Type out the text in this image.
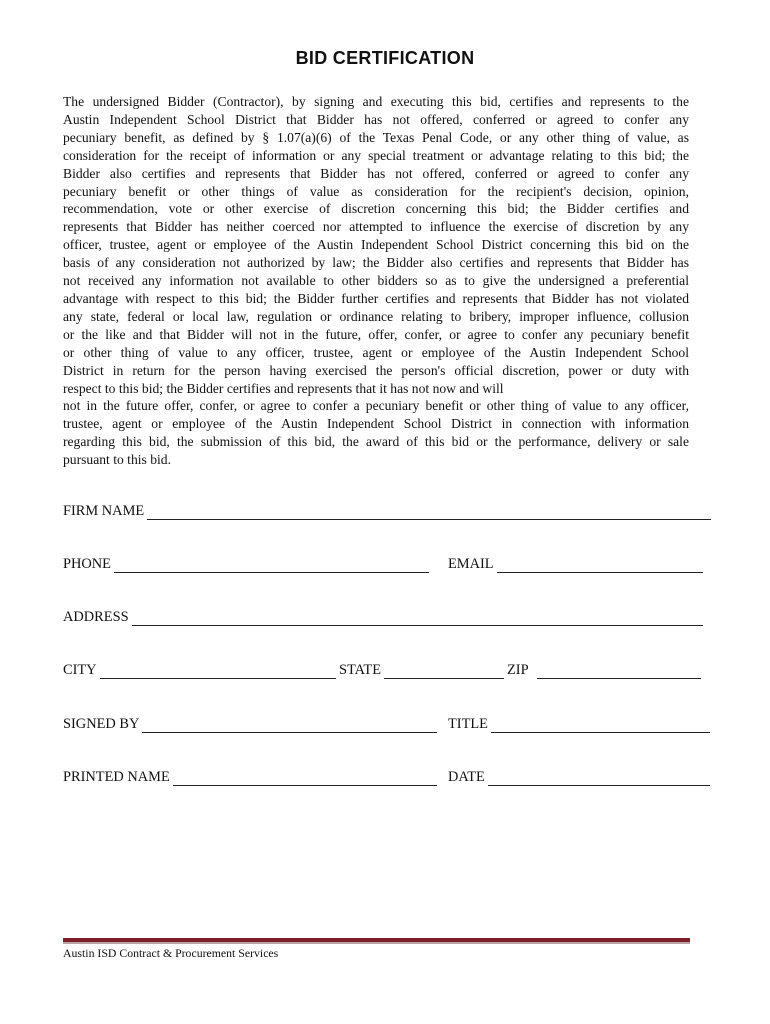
BID CERTIFICATION
The undersigned Bidder (Contractor), by signing and executing this bid, certifies and represents to the
Austin Independent School District that Bidder has not offered, conferred or agreed to confer any
pecuniary benefit, as defined by § 1.07(a)(6) of the Texas Penal Code, or any other thing of value, as
consideration for the receipt of information or any special treatment or advantage relating to this bid; the
Bidder also certifies and represents that Bidder has not offered, conferred or agreed to confer any
pecuniary benefit or other things of value as consideration for the recipient's decision, opinion,
recommendation, vote or other exercise of discretion concerning this bid; the Bidder certifies and
represents that Bidder has neither coerced nor attempted to influence the exercise of discretion by any
officer, trustee, agent or employee of the Austin Independent School District concerning this bid on the
basis of any consideration not authorized by law; the Bidder also certifies and represents that Bidder has
not received any information not available to other bidders so as to give the undersigned a preferential
advantage with respect to this bid; the Bidder further certifies and represents that Bidder has not violated
any state, federal or local law, regulation or ordinance relating to bribery, improper influence, collusion
or the like and that Bidder will not in the future, offer, confer, or agree to confer any pecuniary benefit
or other thing of value to any officer, trustee, agent or employee of the Austin Independent School
District in return for the person having exercised the person's official discretion, power or duty with
respect to this bid; the Bidder certifies and represents that it has not now and will
not in the future offer, confer, or agree to confer a pecuniary benefit or other thing of value to any officer,
trustee, agent or employee of the Austin Independent School District in connection with information
regarding this bid, the submission of this bid, the award of this bid or the performance, delivery or sale
pursuant to this bid.
FIRM NAME
PHONE	EMAIL
ADDRESS
CITY	STATE	ZIP
SIGNED BY	TITLE
PRINTED NAME	DATE
Austin ISD Contract & Procurement Services
